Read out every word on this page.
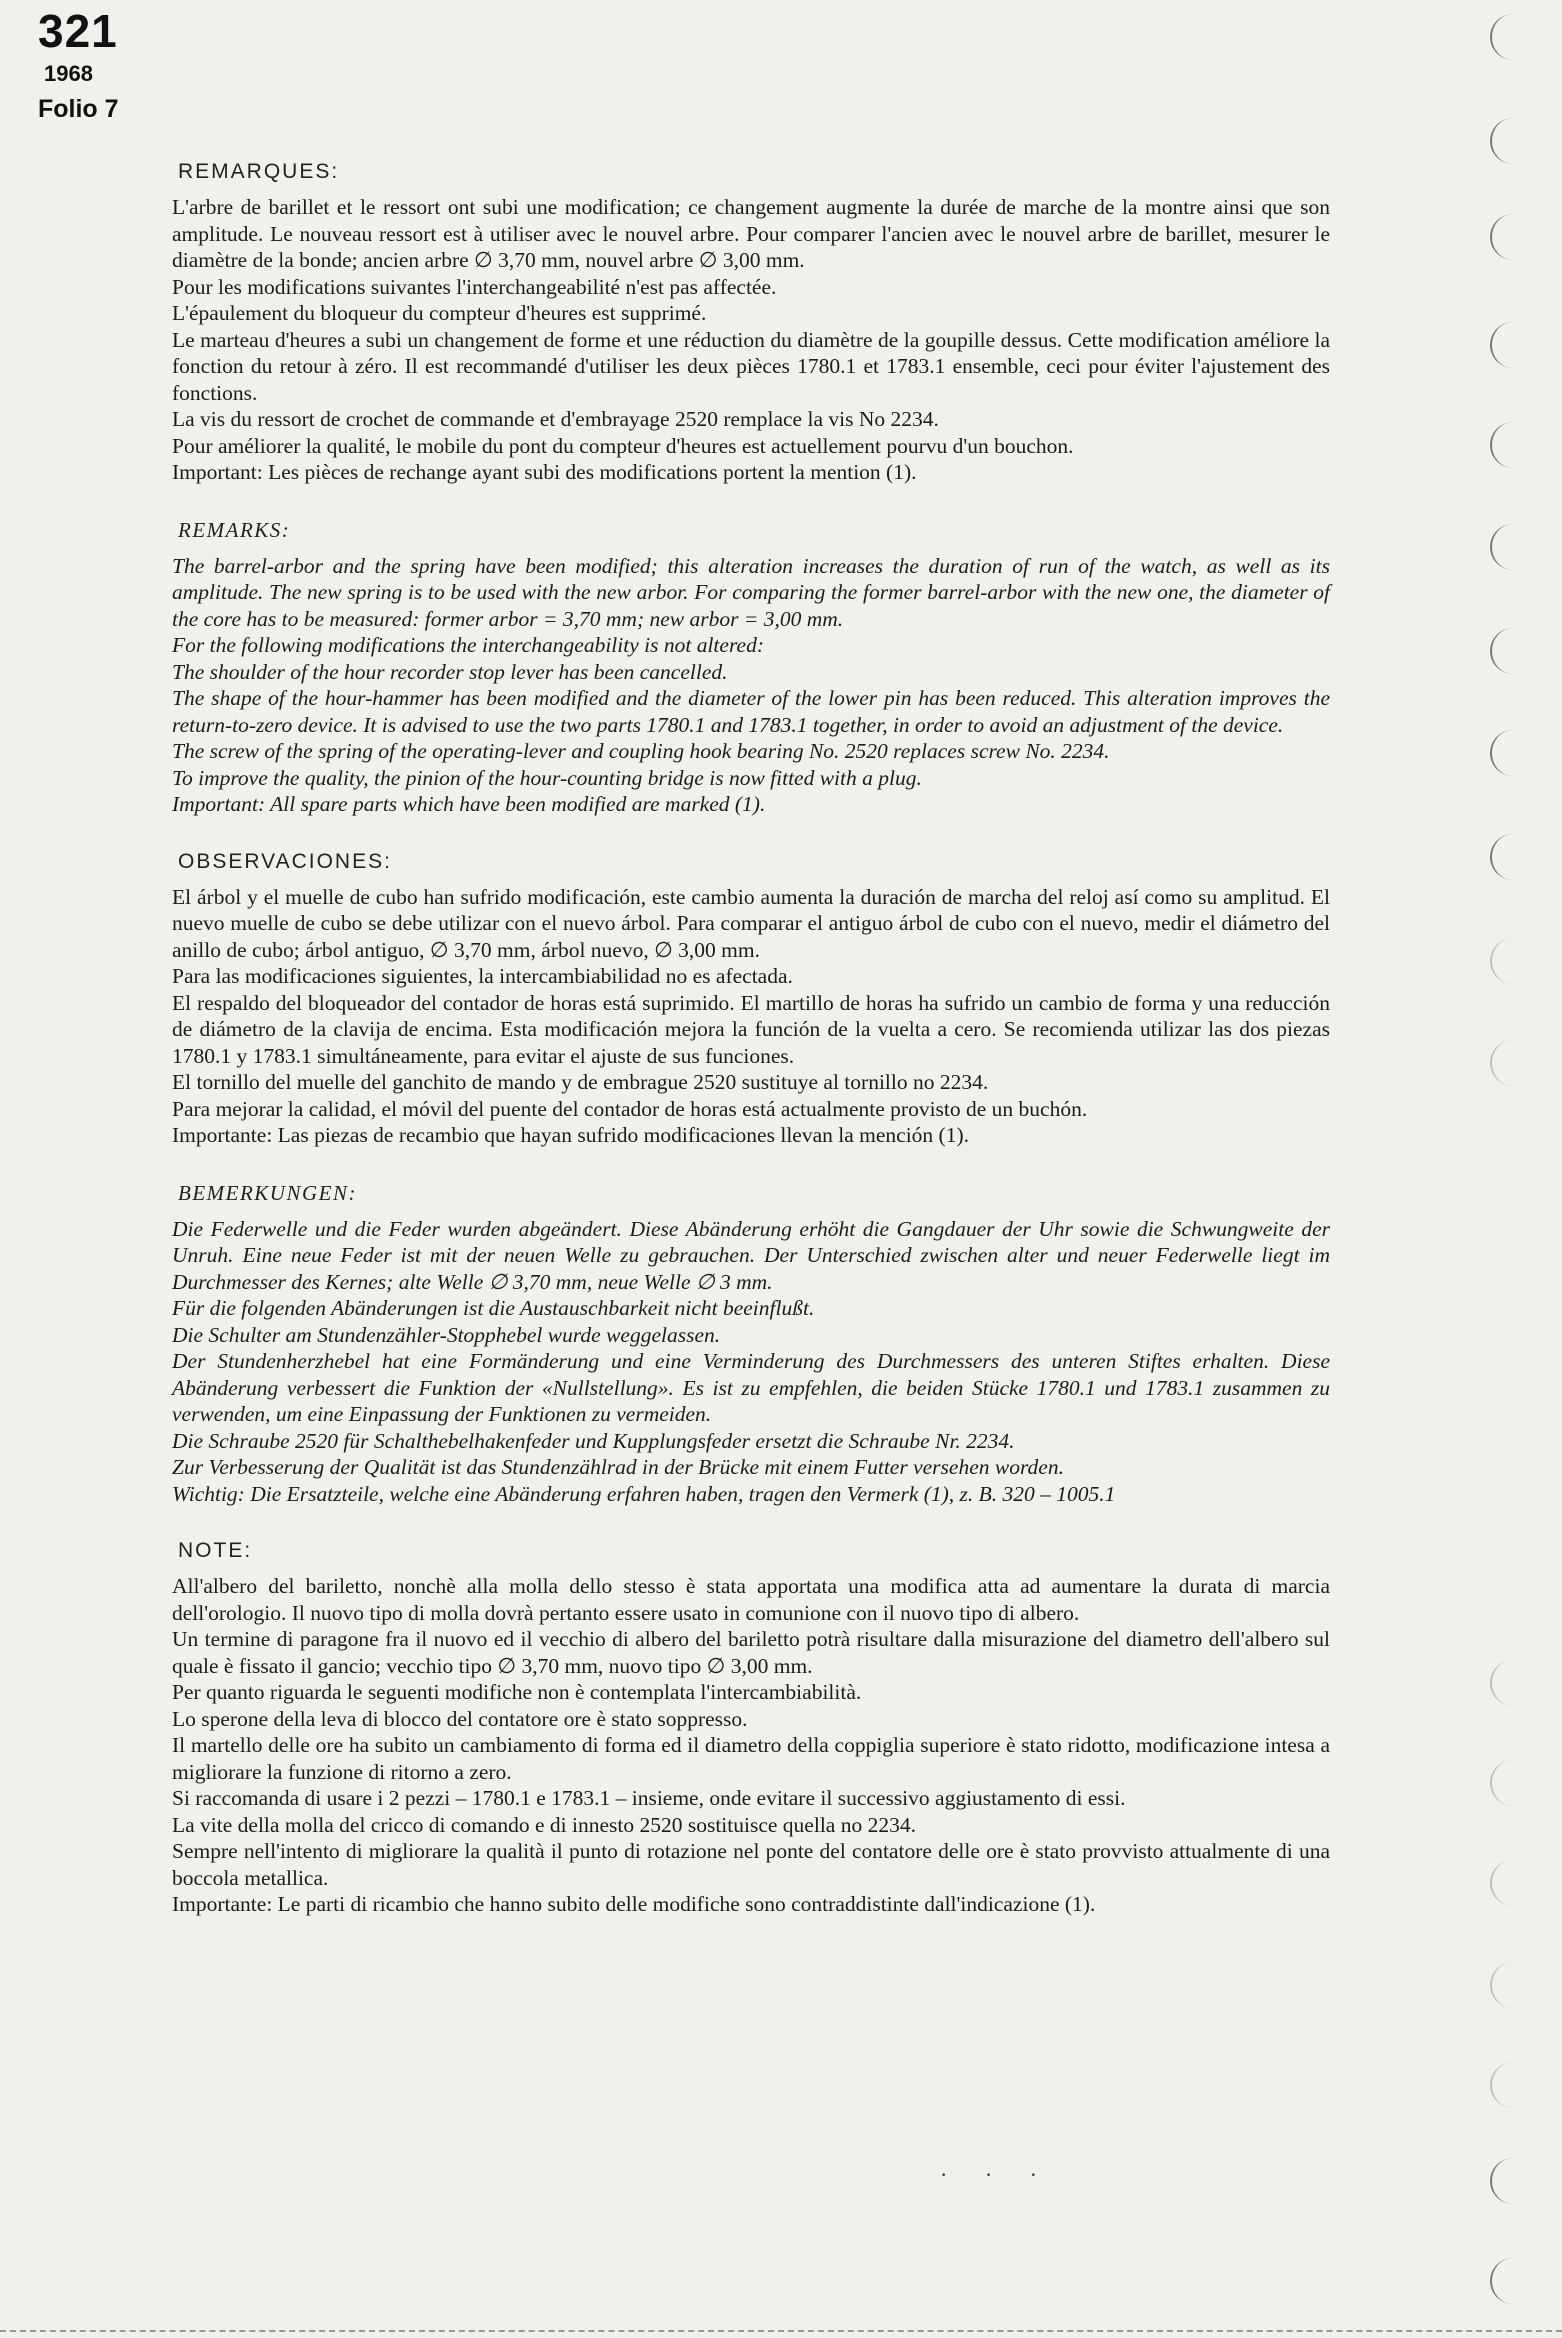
321
1968
Folio 7
REMARQUES:

L'arbre de barillet et le ressort ont subi une modification; ce changement augmente la durée de marche de la montre ainsi que son amplitude. Le nouveau ressort est à utiliser avec le nouvel arbre. Pour comparer l'ancien avec le nouvel arbre de barillet, mesurer le diamètre de la bonde; ancien arbre ∅ 3,70 mm, nouvel arbre ∅ 3,00 mm.

Pour les modifications suivantes l'interchangeabilité n'est pas affectée.

L'épaulement du bloqueur du compteur d'heures est supprimé.

Le marteau d'heures a subi un changement de forme et une réduction du diamètre de la goupille dessus. Cette modification améliore la fonction du retour à zéro. Il est recommandé d'utiliser les deux pièces 1780.1 et 1783.1 ensemble, ceci pour éviter l'ajustement des fonctions.

La vis du ressort de crochet de commande et d'embrayage 2520 remplace la vis No 2234.

Pour améliorer la qualité, le mobile du pont du compteur d'heures est actuellement pourvu d'un bouchon.

Important: Les pièces de rechange ayant subi des modifications portent la mention (1).

REMARKS:

The barrel-arbor and the spring have been modified; this alteration increases the duration of run of the watch, as well as its amplitude. The new spring is to be used with the new arbor. For comparing the former barrel-arbor with the new one, the diameter of the core has to be measured: former arbor = 3,70 mm; new arbor = 3,00 mm.

For the following modifications the interchangeability is not altered:

The shoulder of the hour recorder stop lever has been cancelled.

The shape of the hour-hammer has been modified and the diameter of the lower pin has been reduced. This alteration improves the return-to-zero device. It is advised to use the two parts 1780.1 and 1783.1 together, in order to avoid an adjustment of the device.

The screw of the spring of the operating-lever and coupling hook bearing No. 2520 replaces screw No. 2234.

To improve the quality, the pinion of the hour-counting bridge is now fitted with a plug.

Important: All spare parts which have been modified are marked (1).

OBSERVACIONES:

El árbol y el muelle de cubo han sufrido modificación, este cambio aumenta la duración de marcha del reloj así como su amplitud. El nuevo muelle de cubo se debe utilizar con el nuevo árbol. Para comparar el antiguo árbol de cubo con el nuevo, medir el diámetro del anillo de cubo; árbol antiguo, ∅ 3,70 mm, árbol nuevo, ∅ 3,00 mm.

Para las modificaciones siguientes, la intercambiabilidad no es afectada.

El respaldo del bloqueador del contador de horas está suprimido. El martillo de horas ha sufrido un cambio de forma y una reducción de diámetro de la clavija de encima. Esta modificación mejora la función de la vuelta a cero. Se recomienda utilizar las dos piezas 1780.1 y 1783.1 simultáneamente, para evitar el ajuste de sus funciones.

El tornillo del muelle del ganchito de mando y de embrague 2520 sustituye al tornillo no 2234.

Para mejorar la calidad, el móvil del puente del contador de horas está actualmente provisto de un buchón.

Importante: Las piezas de recambio que hayan sufrido modificaciones llevan la mención (1).

BEMERKUNGEN:

Die Federwelle und die Feder wurden abgeändert. Diese Abänderung erhöht die Gangdauer der Uhr sowie die Schwungweite der Unruh. Eine neue Feder ist mit der neuen Welle zu gebrauchen. Der Unterschied zwischen alter und neuer Federwelle liegt im Durchmesser des Kernes; alte Welle ∅ 3,70 mm, neue Welle ∅ 3 mm.

Für die folgenden Abänderungen ist die Austauschbarkeit nicht beeinflußt.

Die Schulter am Stundenzähler-Stopphebel wurde weggelassen.

Der Stundenherzhebel hat eine Formänderung und eine Verminderung des Durchmessers des unteren Stiftes erhalten. Diese Abänderung verbessert die Funktion der «Nullstellung». Es ist zu empfehlen, die beiden Stücke 1780.1 und 1783.1 zusammen zu verwenden, um eine Einpassung der Funktionen zu vermeiden.

Die Schraube 2520 für Schalthebelhakenfeder und Kupplungsfeder ersetzt die Schraube Nr. 2234.

Zur Verbesserung der Qualität ist das Stundenzählrad in der Brücke mit einem Futter versehen worden.

Wichtig: Die Ersatzteile, welche eine Abänderung erfahren haben, tragen den Vermerk (1), z. B. 320 – 1005.1

NOTE:

All'albero del bariletto, nonchè alla molla dello stesso è stata apportata una modifica atta ad aumentare la durata di marcia dell'orologio. Il nuovo tipo di molla dovrà pertanto essere usato in comunione con il nuovo tipo di albero.

Un termine di paragone fra il nuovo ed il vecchio di albero del bariletto potrà risultare dalla misurazione del diametro dell'albero sul quale è fissato il gancio; vecchio tipo ∅ 3,70 mm, nuovo tipo ∅ 3,00 mm.

Per quanto riguarda le seguenti modifiche non è contemplata l'intercambiabilità.

Lo sperone della leva di blocco del contatore ore è stato soppresso.

Il martello delle ore ha subito un cambiamento di forma ed il diametro della coppiglia superiore è stato ridotto, modificazione intesa a migliorare la funzione di ritorno a zero.

Si raccomanda di usare i 2 pezzi – 1780.1 e 1783.1 – insieme, onde evitare il successivo aggiustamento di essi.

La vite della molla del cricco di comando e di innesto 2520 sostituisce quella no 2234.

Sempre nell'intento di migliorare la qualità il punto di rotazione nel ponte del contatore delle ore è stato provvisto attualmente di una boccola metallica.

Importante: Le parti di ricambio che hanno subito delle modifiche sono contraddistinte dall'indicazione (1).

· · ·
